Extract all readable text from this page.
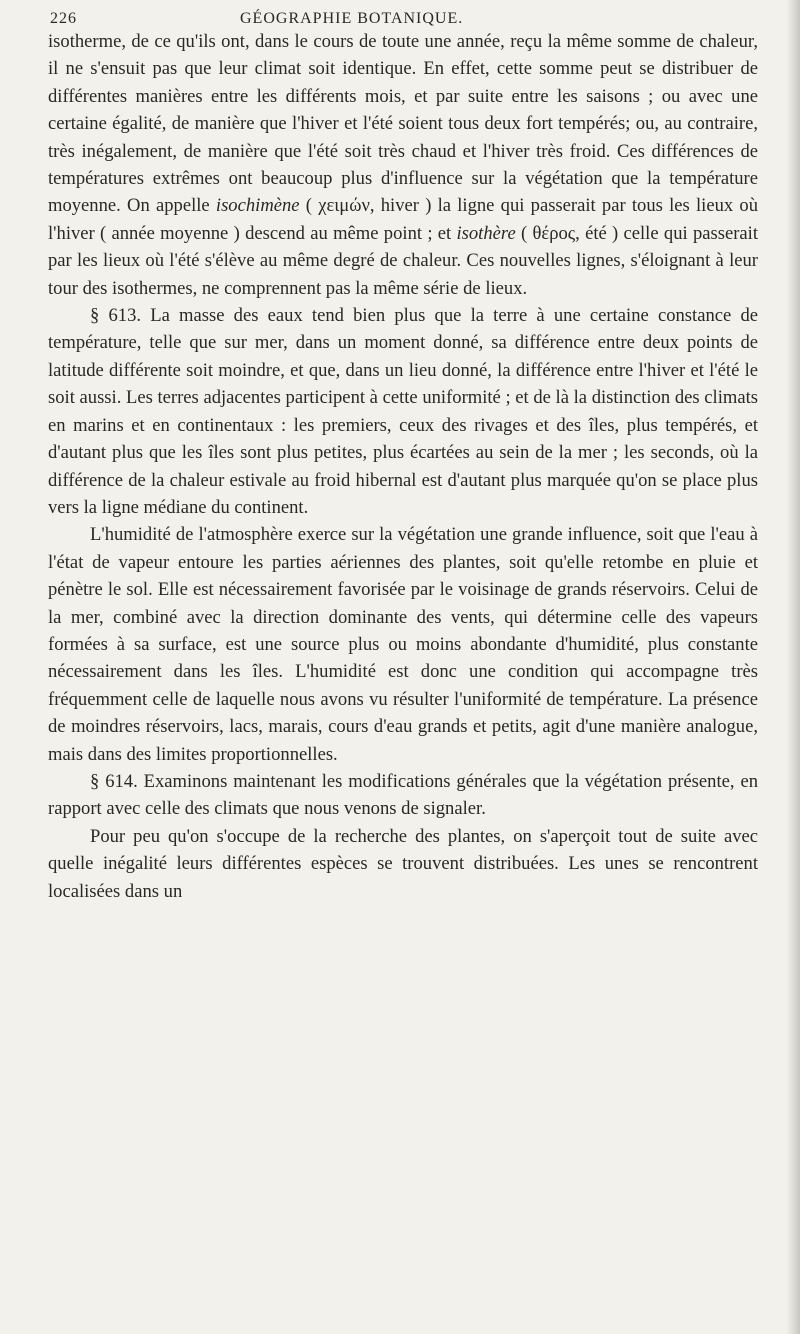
226	GÉOGRAPHIE BOTANIQUE.

isotherme, de ce qu'ils ont, dans le cours de toute une année, reçu la même somme de chaleur, il ne s'ensuit pas que leur climat soit identique. En effet, cette somme peut se distribuer de différentes manières entre les différents mois, et par suite entre les saisons ; ou avec une certaine égalité, de manière que l'hiver et l'été soient tous deux fort tempérés; ou, au contraire, très inégalement, de manière que l'été soit très chaud et l'hiver très froid. Ces différences de températures extrêmes ont beaucoup plus d'influence sur la végétation que la température moyenne. On appelle isochimène ( χειμών, hiver ) la ligne qui passerait par tous les lieux où l'hiver ( année moyenne ) descend au même point ; et isothère ( θέρος, été ) celle qui passerait par les lieux où l'été s'élève au même degré de chaleur. Ces nouvelles lignes, s'éloignant à leur tour des isothermes, ne comprennent pas la même série de lieux.

§ 613. La masse des eaux tend bien plus que la terre à une certaine constance de température, telle que sur mer, dans un moment donné, sa différence entre deux points de latitude différente soit moindre, et que, dans un lieu donné, la différence entre l'hiver et l'été le soit aussi. Les terres adjacentes participent à cette uniformité ; et de là la distinction des climats en marins et en continentaux : les premiers, ceux des rivages et des îles, plus tempérés, et d'autant plus que les îles sont plus petites, plus écartées au sein de la mer ; les seconds, où la différence de la chaleur estivale au froid hibernal est d'autant plus marquée qu'on se place plus vers la ligne médiane du continent.

L'humidité de l'atmosphère exerce sur la végétation une grande influence, soit que l'eau à l'état de vapeur entoure les parties aériennes des plantes, soit qu'elle retombe en pluie et pénètre le sol. Elle est nécessairement favorisée par le voisinage de grands réservoirs. Celui de la mer, combiné avec la direction dominante des vents, qui détermine celle des vapeurs formées à sa surface, est une source plus ou moins abondante d'humidité, plus constante nécessairement dans les îles. L'humidité est donc une condition qui accompagne très fréquemment celle de laquelle nous avons vu résulter l'uniformité de température. La présence de moindres réservoirs, lacs, marais, cours d'eau grands et petits, agit d'une manière analogue, mais dans des limites proportionnelles.

§ 614. Examinons maintenant les modifications générales que la végétation présente, en rapport avec celle des climats que nous venons de signaler.

Pour peu qu'on s'occupe de la recherche des plantes, on s'aperçoit tout de suite avec quelle inégalité leurs différentes espèces se trouvent distribuées. Les unes se rencontrent localisées dans un
